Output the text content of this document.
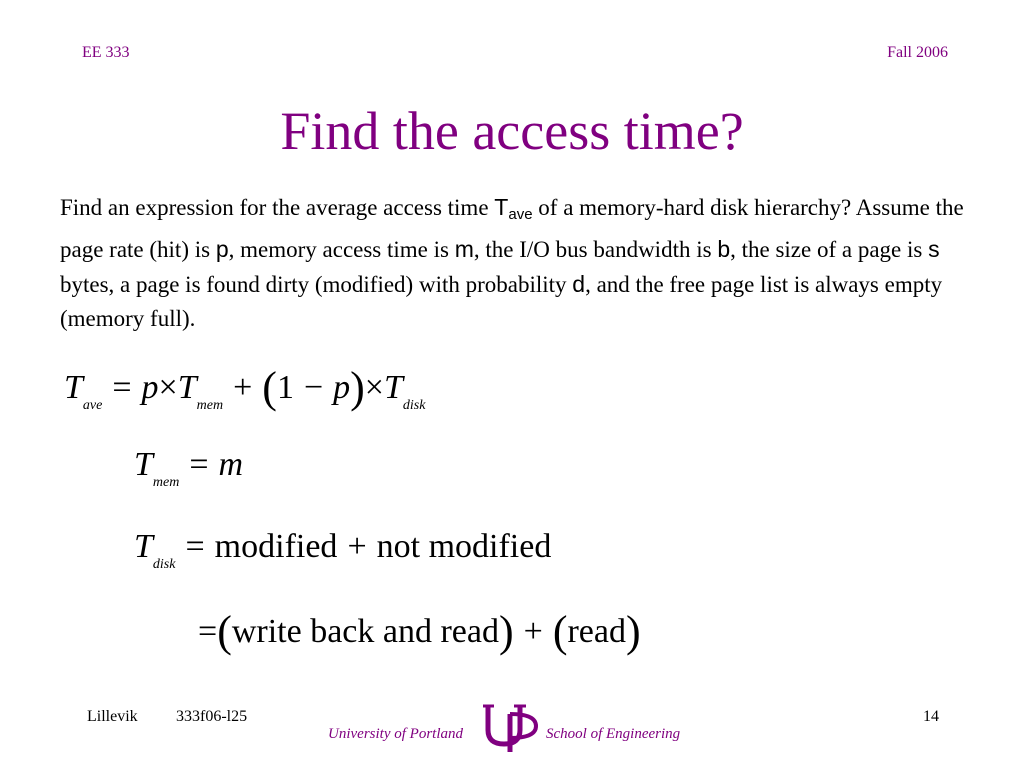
EE 333	Fall 2006
Find the access time?
Find an expression for the average access time Tave of a memory-hard disk hierarchy? Assume the page rate (hit) is p, memory access time is m, the I/O bus bandwidth is b, the size of a page is s bytes, a page is found dirty (modified) with probability d, and the free page list is always empty (memory full).
$T_{ave} = p\times T_{mem} + (1 - p)\times T_{disk}$
$T_{mem} = m$
$T_{disk}$ = modified + not modified
=(write back and read) + (read)
Lillevik 333f06-l25	14
University of Portland	School of Engineering
